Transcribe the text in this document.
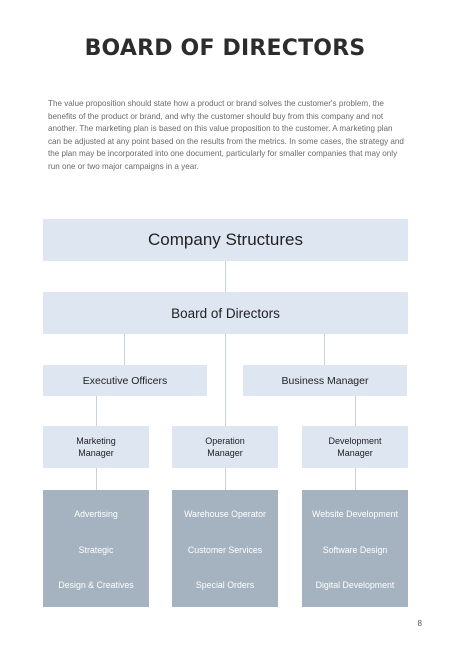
BOARD OF DIRECTORS
The value proposition should state how a product or brand solves the customer's problem, the benefits of the product or brand, and why the customer should buy from this company and not another. The marketing plan is based on this value proposition to the customer. A marketing plan can be adjusted at any point based on the results from the metrics. In some cases, the strategy and the plan may be incorporated into one document, particularly for smaller companies that may only run one or two major campaigns in a year.
Company Structures
Board of Directors
Executive Officers	Business Manager
Marketing
Manager
Operation
Manager
Development
Manager
Advertising
Strategic
Design & Creatives
Warehouse Operator
Customer Services
Special Orders
Website Development
Software Design
Digital Development
8
